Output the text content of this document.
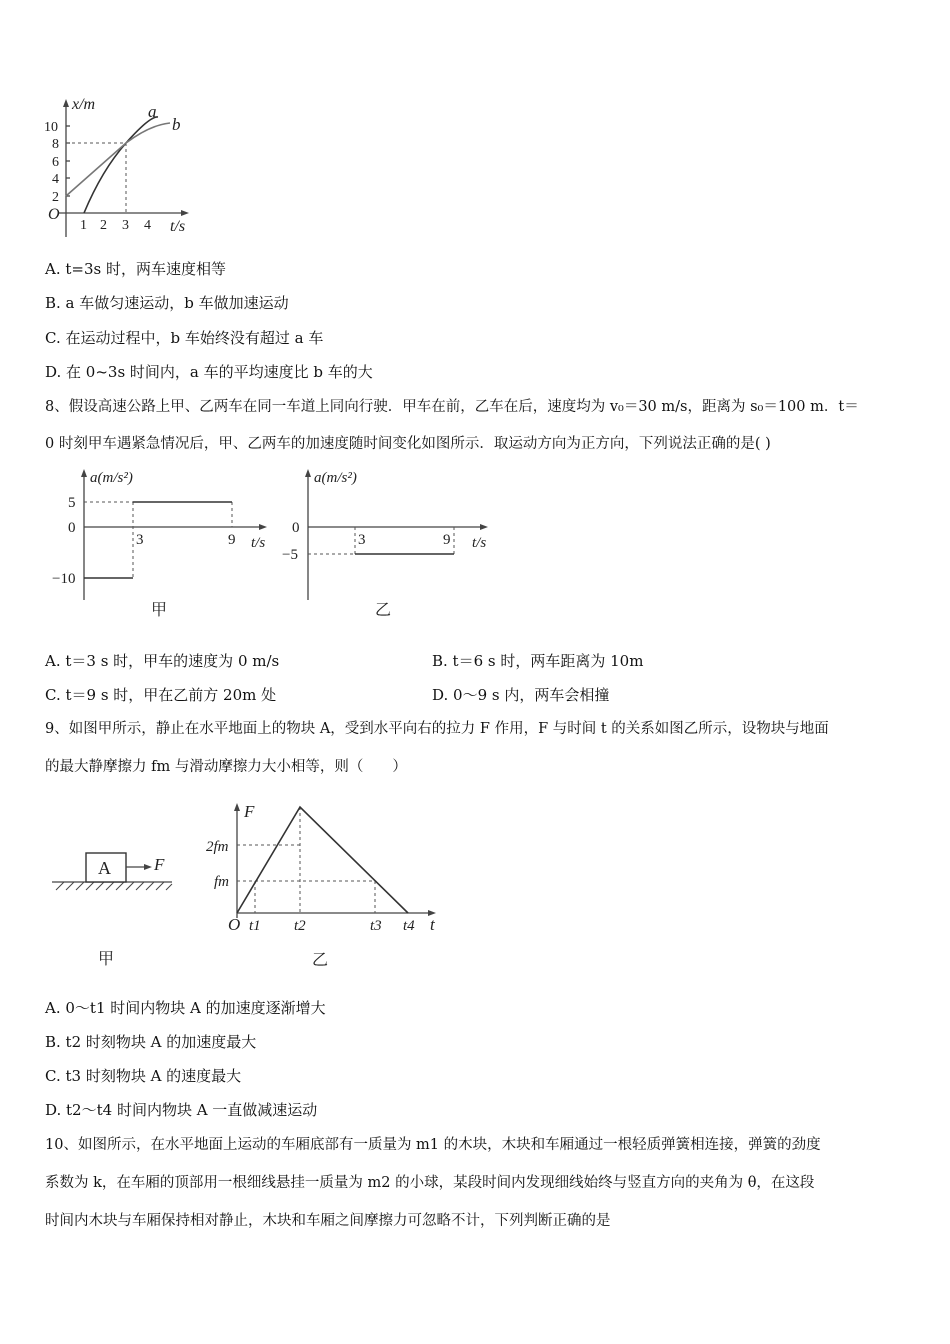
x/m
t/s
O
10
8
6
4
2
1 2 3 4
a
b
A. t=3s 时，两车速度相等
B. a 车做匀速运动，b 车做加速运动
C. 在运动过程中，b 车始终没有超过 a 车
D. 在 0~3s 时间内，a 车的平均速度比 b 车的大
8、假设高速公路上甲、乙两车在同一车道上同向行驶．甲车在前，乙车在后，速度均为 v₀＝30 m/s，距离为 s₀＝100 m．t＝
0 时刻甲车遇紧急情况后，甲、乙两车的加速度随时间变化如图所示．取运动方向为正方向，下列说法正确的是( )
a(m/s²)
t/s
5
0
−10
3	9
甲
a(m/s²)
t/s
0
−5
3	9
乙
A. t＝3 s 时，甲车的速度为 0 m/s	B. t＝6 s 时，两车距离为 10m
C. t＝9 s 时，甲在乙前方 20m 处	D. 0～9 s 内，两车会相撞
9、如图甲所示，静止在水平地面上的物块 A，受到水平向右的拉力 F 作用，F 与时间 t 的关系如图乙所示，设物块与地面
的最大静摩擦力 fm 与滑动摩擦力大小相等，则（　　）
A	F
甲
F
t
O
2fm
fm
t1 t2	t3 t4
乙
A. 0～t1 时间内物块 A 的加速度逐渐增大
B. t2 时刻物块 A 的加速度最大
C. t3 时刻物块 A 的速度最大
D. t2～t4 时间内物块 A 一直做减速运动
10、如图所示，在水平地面上运动的车厢底部有一质量为 m1 的木块，木块和车厢通过一根轻质弹簧相连接，弹簧的劲度
系数为 k，在车厢的顶部用一根细线悬挂一质量为 m2 的小球，某段时间内发现细线始终与竖直方向的夹角为 θ，在这段
时间内木块与车厢保持相对静止，木块和车厢之间摩擦力可忽略不计，下列判断正确的是
